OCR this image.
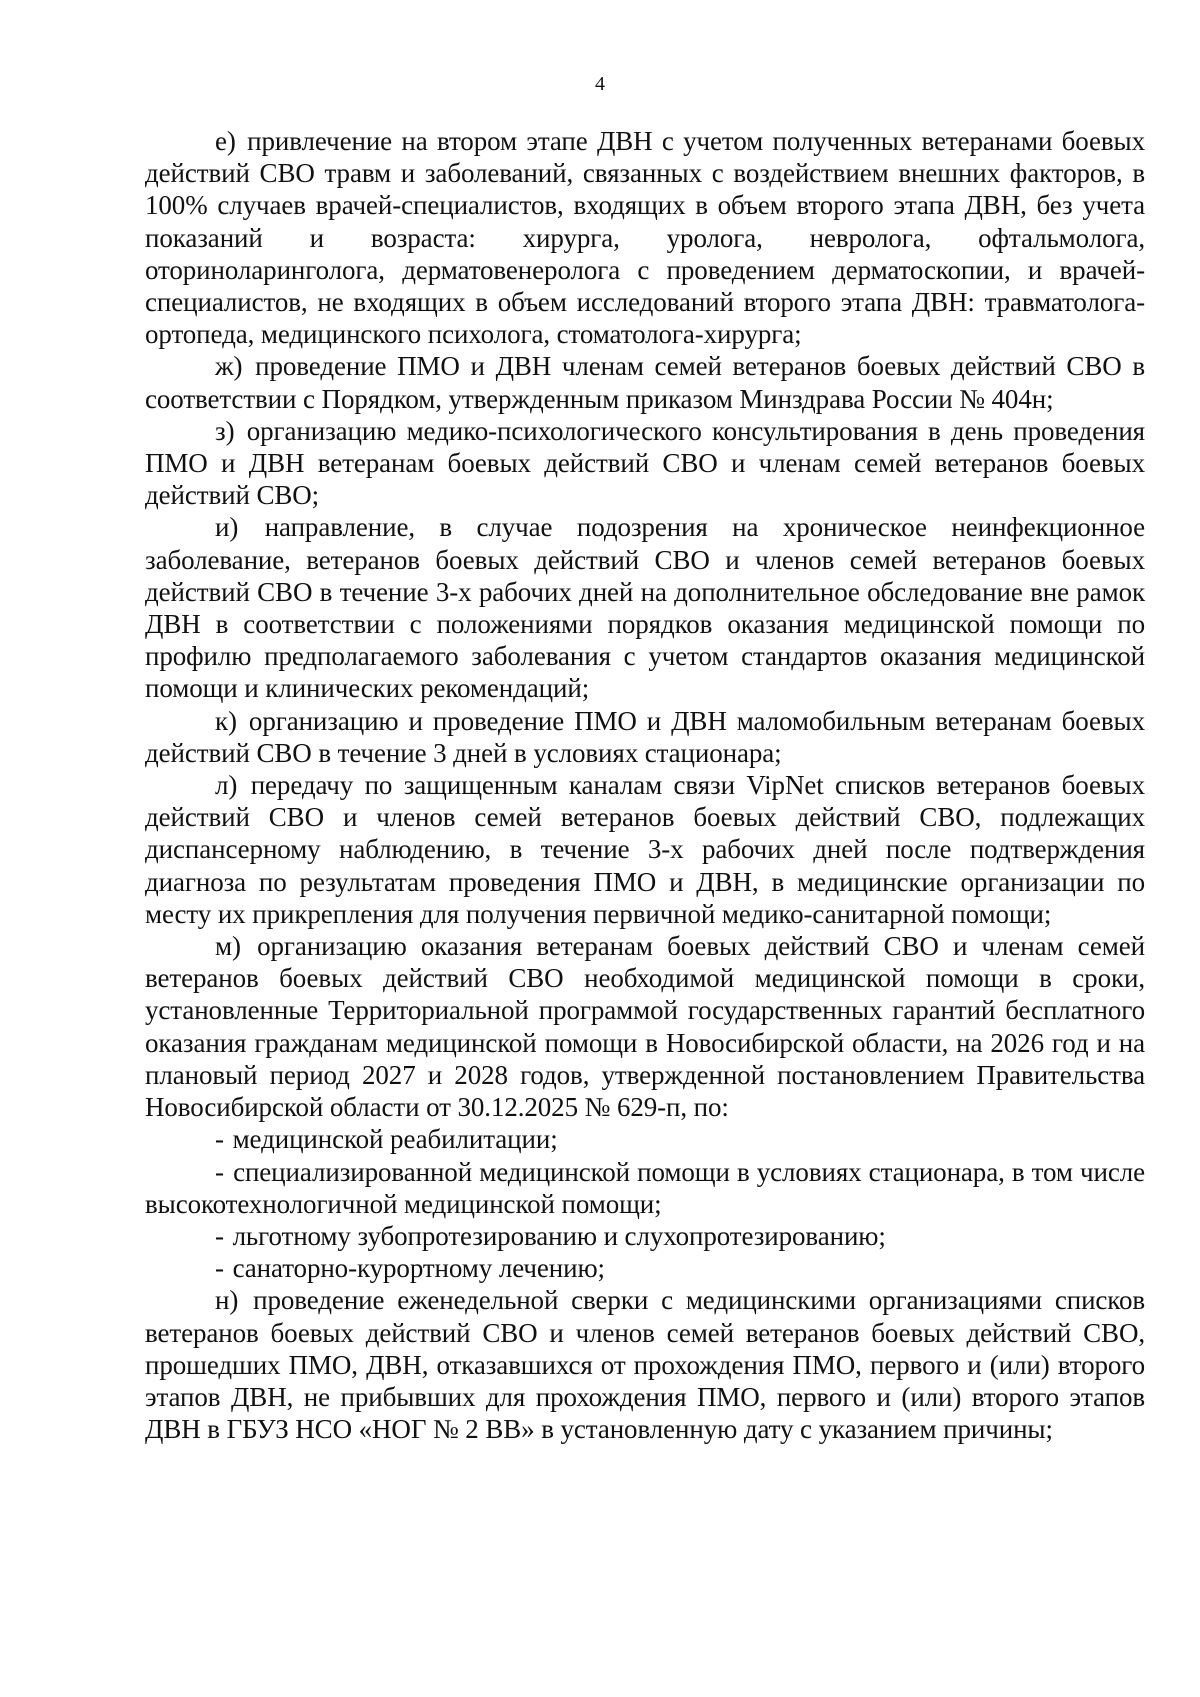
4

е) привлечение на втором этапе ДВН с учетом полученных ветеранами боевых действий СВО травм и заболеваний, связанных с воздействием внешних факторов, в 100% случаев врачей-специалистов, входящих в объем второго этапа ДВН, без учета показаний и возраста: хирурга, уролога, невролога, офтальмолога, оториноларинголога, дерматовенеролога с проведением дерматоскопии, и врачей-специалистов, не входящих в объем исследований второго этапа ДВН: травматолога-ортопеда, медицинского психолога, стоматолога-хирурга;

ж) проведение ПМО и ДВН членам семей ветеранов боевых действий СВО в соответствии с Порядком, утвержденным приказом Минздрава России № 404н;

з) организацию медико-психологического консультирования в день проведения ПМО и ДВН ветеранам боевых действий СВО и членам семей ветеранов боевых действий СВО;

и) направление, в случае подозрения на хроническое неинфекционное заболевание, ветеранов боевых действий СВО и членов семей ветеранов боевых действий СВО в течение 3-х рабочих дней на дополнительное обследование вне рамок ДВН в соответствии с положениями порядков оказания медицинской помощи по профилю предполагаемого заболевания с учетом стандартов оказания медицинской помощи и клинических рекомендаций;

к) организацию и проведение ПМО и ДВН маломобильным ветеранам боевых действий СВО в течение 3 дней в условиях стационара;

л) передачу по защищенным каналам связи VipNet списков ветеранов боевых действий СВО и членов семей ветеранов боевых действий СВО, подлежащих диспансерному наблюдению, в течение 3-х рабочих дней после подтверждения диагноза по результатам проведения ПМО и ДВН, в медицинские организации по месту их прикрепления для получения первичной медико-санитарной помощи;

м) организацию оказания ветеранам боевых действий СВО и членам семей ветеранов боевых действий СВО необходимой медицинской помощи в сроки, установленные Территориальной программой государственных гарантий бесплатного оказания гражданам медицинской помощи в Новосибирской области, на 2026 год и на плановый период 2027 и 2028 годов, утвержденной постановлением Правительства Новосибирской области от 30.12.2025 № 629-п, по:

- медицинской реабилитации;

- специализированной медицинской помощи в условиях стационара, в том числе высокотехнологичной медицинской помощи;

- льготному зубопротезированию и слухопротезированию;

- санаторно-курортному лечению;

н) проведение еженедельной сверки с медицинскими организациями списков ветеранов боевых действий СВО и членов семей ветеранов боевых действий СВО, прошедших ПМО, ДВН, отказавшихся от прохождения ПМО, первого и (или) второго этапов ДВН, не прибывших для прохождения ПМО, первого и (или) второго этапов ДВН в ГБУЗ НСО «НОГ № 2 ВВ» в установленную дату с указанием причины;
